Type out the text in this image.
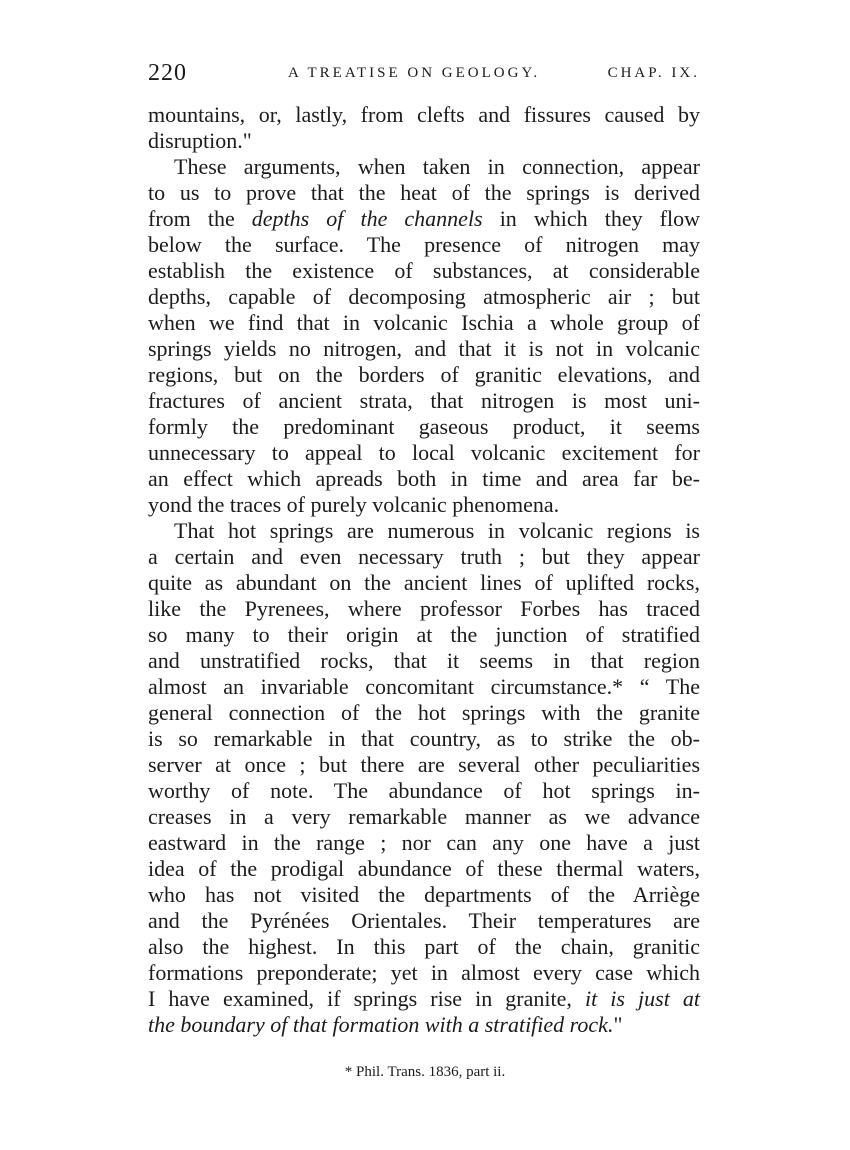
220	A TREATISE ON GEOLOGY.	CHAP. IX.
mountains, or, lastly, from clefts and fissures caused by
disruption."
These arguments, when taken in connection, appear
to us to prove that the heat of the springs is derived
from the depths of the channels in which they flow
below the surface. The presence of nitrogen may
establish the existence of substances, at considerable
depths, capable of decomposing atmospheric air ; but
when we find that in volcanic Ischia a whole group of
springs yields no nitrogen, and that it is not in volcanic
regions, but on the borders of granitic elevations, and
fractures of ancient strata, that nitrogen is most uni-
formly the predominant gaseous product, it seems
unnecessary to appeal to local volcanic excitement for
an effect which apreads both in time and area far be-
yond the traces of purely volcanic phenomena.
That hot springs are numerous in volcanic regions is
a certain and even necessary truth ; but they appear
quite as abundant on the ancient lines of uplifted rocks,
like the Pyrenees, where professor Forbes has traced
so many to their origin at the junction of stratified
and unstratified rocks, that it seems in that region
almost an invariable concomitant circumstance.* “ The
general connection of the hot springs with the granite
is so remarkable in that country, as to strike the ob-
server at once ; but there are several other peculiarities
worthy of note. The abundance of hot springs in-
creases in a very remarkable manner as we advance
eastward in the range ; nor can any one have a just
idea of the prodigal abundance of these thermal waters,
who has not visited the departments of the Arriège
and the Pyrénées Orientales. Their temperatures are
also the highest. In this part of the chain, granitic
formations preponderate; yet in almost every case which
I have examined, if springs rise in granite, it is just at
the boundary of that formation with a stratified rock."
* Phil. Trans. 1836, part ii.
